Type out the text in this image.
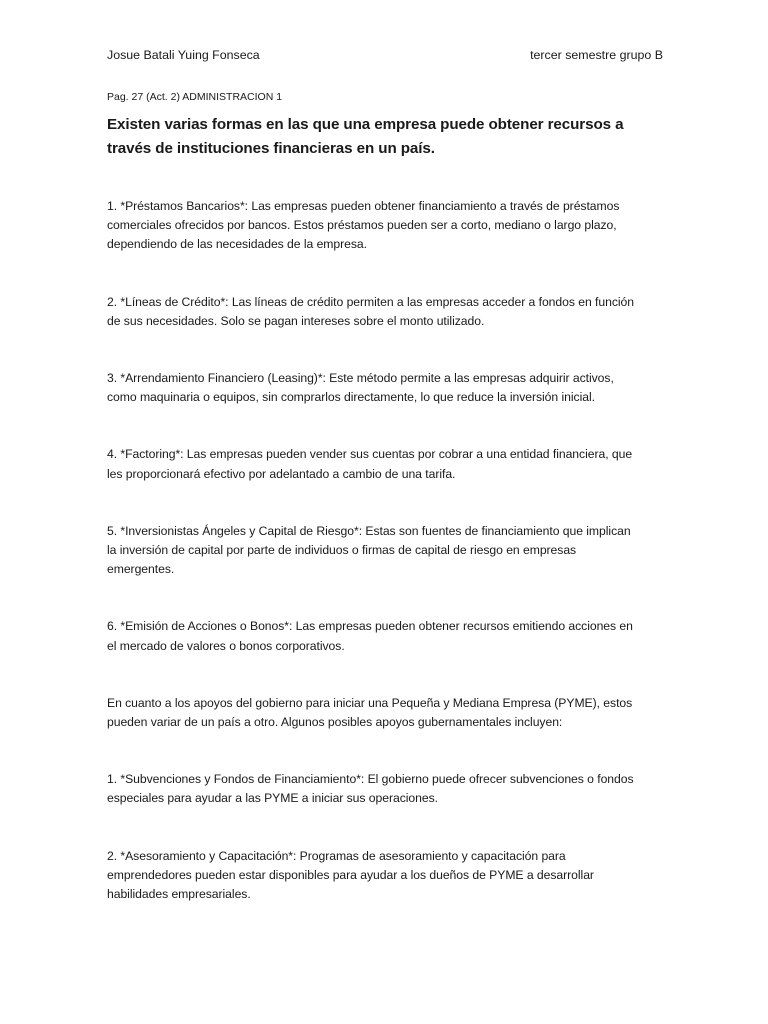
Josue Batali Yuing Fonseca	tercer semestre grupo B
Pag. 27 (Act. 2) ADMINISTRACION 1
Existen varias formas en las que una empresa puede obtener recursos a través de instituciones financieras en un país.

1. *Préstamos Bancarios*: Las empresas pueden obtener financiamiento a través de préstamos
comerciales ofrecidos por bancos. Estos préstamos pueden ser a corto, mediano o largo plazo,
dependiendo de las necesidades de la empresa.

2. *Líneas de Crédito*: Las líneas de crédito permiten a las empresas acceder a fondos en función
de sus necesidades. Solo se pagan intereses sobre el monto utilizado.

3. *Arrendamiento Financiero (Leasing)*: Este método permite a las empresas adquirir activos,
como maquinaria o equipos, sin comprarlos directamente, lo que reduce la inversión inicial.

4. *Factoring*: Las empresas pueden vender sus cuentas por cobrar a una entidad financiera, que
les proporcionará efectivo por adelantado a cambio de una tarifa.

5. *Inversionistas Ángeles y Capital de Riesgo*: Estas son fuentes de financiamiento que implican
la inversión de capital por parte de individuos o firmas de capital de riesgo en empresas
emergentes.

6. *Emisión de Acciones o Bonos*: Las empresas pueden obtener recursos emitiendo acciones en
el mercado de valores o bonos corporativos.

En cuanto a los apoyos del gobierno para iniciar una Pequeña y Mediana Empresa (PYME), estos
pueden variar de un país a otro. Algunos posibles apoyos gubernamentales incluyen:

1. *Subvenciones y Fondos de Financiamiento*: El gobierno puede ofrecer subvenciones o fondos
especiales para ayudar a las PYME a iniciar sus operaciones.

2. *Asesoramiento y Capacitación*: Programas de asesoramiento y capacitación para
emprendedores pueden estar disponibles para ayudar a los dueños de PYME a desarrollar
habilidades empresariales.
